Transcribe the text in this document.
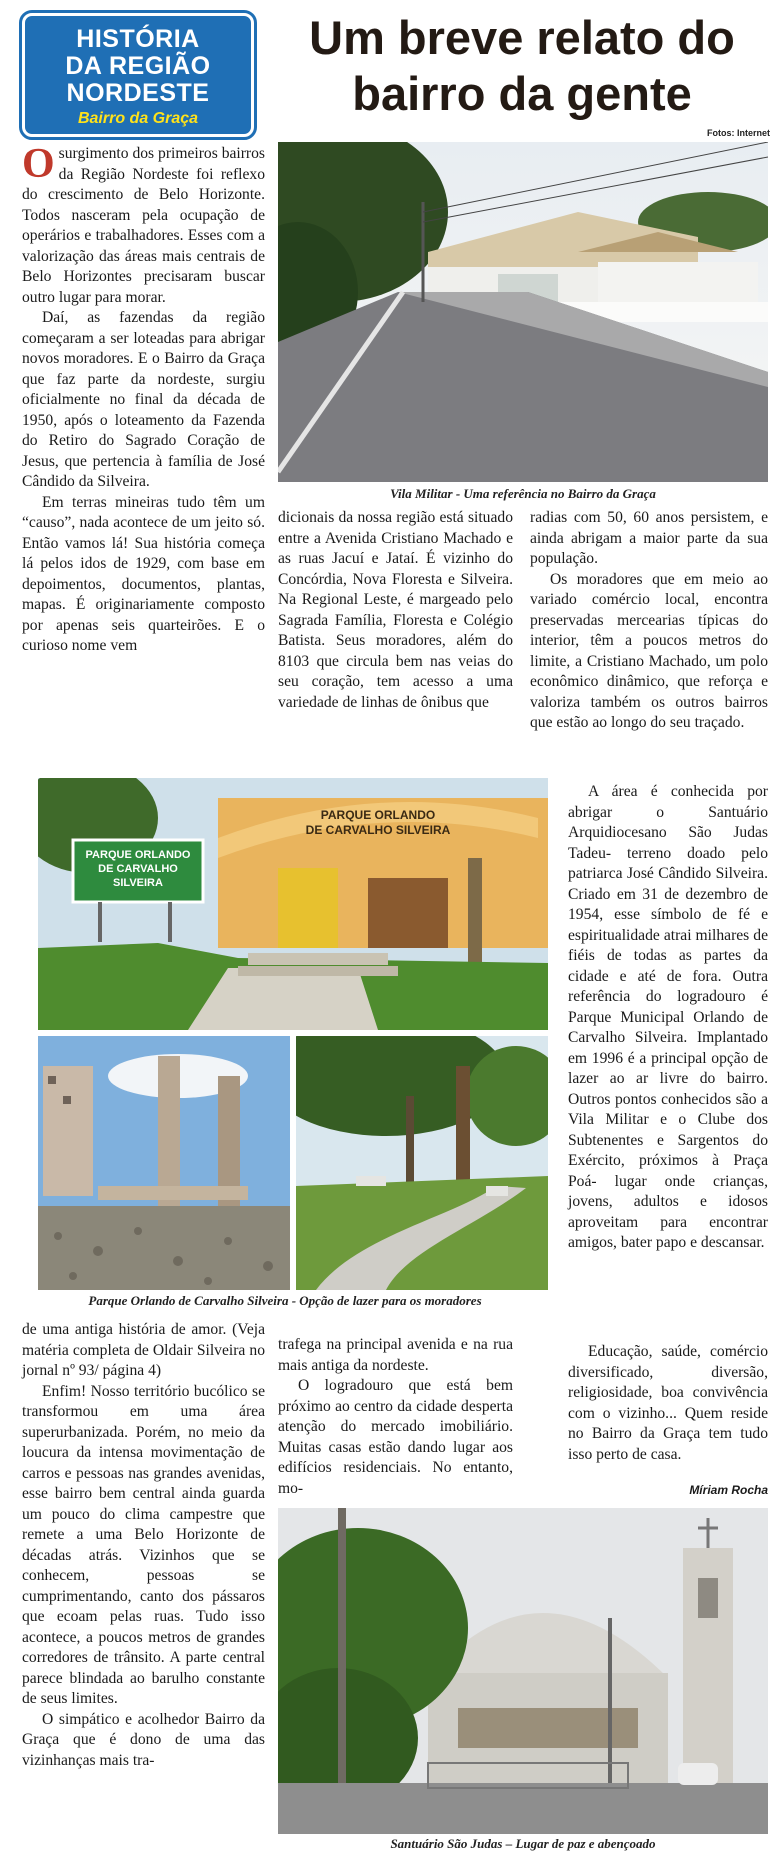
HISTÓRIA
DA REGIÃO
NORDESTE
Bairro da Graça
Um breve relato do
bairro da gente
Fotos: Internet
Vila Militar - Uma referência no Bairro da Graça

Osurgimento dos primeiros bairros da Região Nordeste foi reflexo do crescimento de Belo Horizonte. Todos nasceram pela ocupação de operários e trabalhadores. Esses com a valorização das áreas mais centrais de Belo Horizontes precisaram buscar outro lugar para morar.

Daí, as fazendas da região começaram a ser loteadas para abrigar novos moradores. E o Bairro da Graça que faz parte da nordeste, surgiu oficialmente no final da década de 1950, após o loteamento da Fazenda do Retiro do Sagrado Coração de Jesus, que pertencia à família de José Cândido da Silveira.

Em terras mineiras tudo têm um “causo”, nada acontece de um jeito só. Então vamos lá! Sua história começa lá pelos idos de 1929, com base em depoimentos, documentos, plantas, mapas. É originariamente composto por apenas seis quarteirões. E o curioso nome vem

dicionais da nossa região está situado entre a Avenida Cristiano Machado e as ruas Jacuí e Jataí. É vizinho do Concórdia, Nova Floresta e Silveira. Na Regional Leste, é margeado pelo Sagrada Família, Floresta e Colégio Batista. Seus moradores, além do 8103 que circula bem nas veias do seu coração, tem acesso a uma variedade de linhas de ônibus que

radias com 50, 60 anos persistem, e ainda abrigam a maior parte da sua população.

Os moradores que em meio ao variado comércio local, encontra preservadas mercearias típicas do interior, têm a poucos metros do limite, a Cristiano Machado, um polo econômico dinâmico, que reforça e valoriza também os outros bairros que estão ao longo do seu traçado.

PARQUE ORLANDO DE CARVALHO SILVEIRA
PARQUE ORLANDO
DE CARVALHO SILVEIRA
Parque Orlando de Carvalho Silveira - Opção de lazer para os moradores

A área é conhecida por abrigar o Santuário Arquidiocesano São Judas Tadeu- terreno doado pelo patriarca José Cândido Silveira. Criado em 31 de dezembro de 1954, esse símbolo de fé e espiritualidade atrai milhares de fiéis de todas as partes da cidade e até de fora. Outra referência do logradouro é Parque Municipal Orlando de Carvalho Silveira. Implantado em 1996 é a principal opção de lazer ao ar livre do bairro. Outros pontos conhecidos são a Vila Militar e o Clube dos Subtenentes e Sargentos do Exército, próximos à Praça Poá- lugar onde crianças, jovens, adultos e idosos aproveitam para encontrar amigos, bater papo e descansar.

Educação, saúde, comércio diversificado, diversão, religiosidade, boa convivência com o vizinho... Quem reside no Bairro da Graça tem tudo isso perto de casa.

Míriam Rocha

de uma antiga história de amor. (Veja matéria completa de Oldair Silveira no jornal nº 93/ página 4)

Enfim! Nosso território bucólico se transformou em uma área superurbanizada. Porém, no meio da loucura da intensa movimentação de carros e pessoas nas grandes avenidas, esse bairro bem central ainda guarda um pouco do clima campestre que remete a uma Belo Horizonte de décadas atrás. Vizinhos que se conhecem, pessoas se cumprimentando, canto dos pássaros que ecoam pelas ruas. Tudo isso acontece, a poucos metros de grandes corredores de trânsito. A parte central parece blindada ao barulho constante de seus limites.

O simpático e acolhedor Bairro da Graça que é dono de uma das vizinhanças mais tra-

trafega na principal avenida e na rua mais antiga da nordeste.

O logradouro que está bem próximo ao centro da cidade desperta atenção do mercado imobiliário. Muitas casas estão dando lugar aos edifícios residenciais. No entanto, mo-

Santuário São Judas – Lugar de paz e abençoado
